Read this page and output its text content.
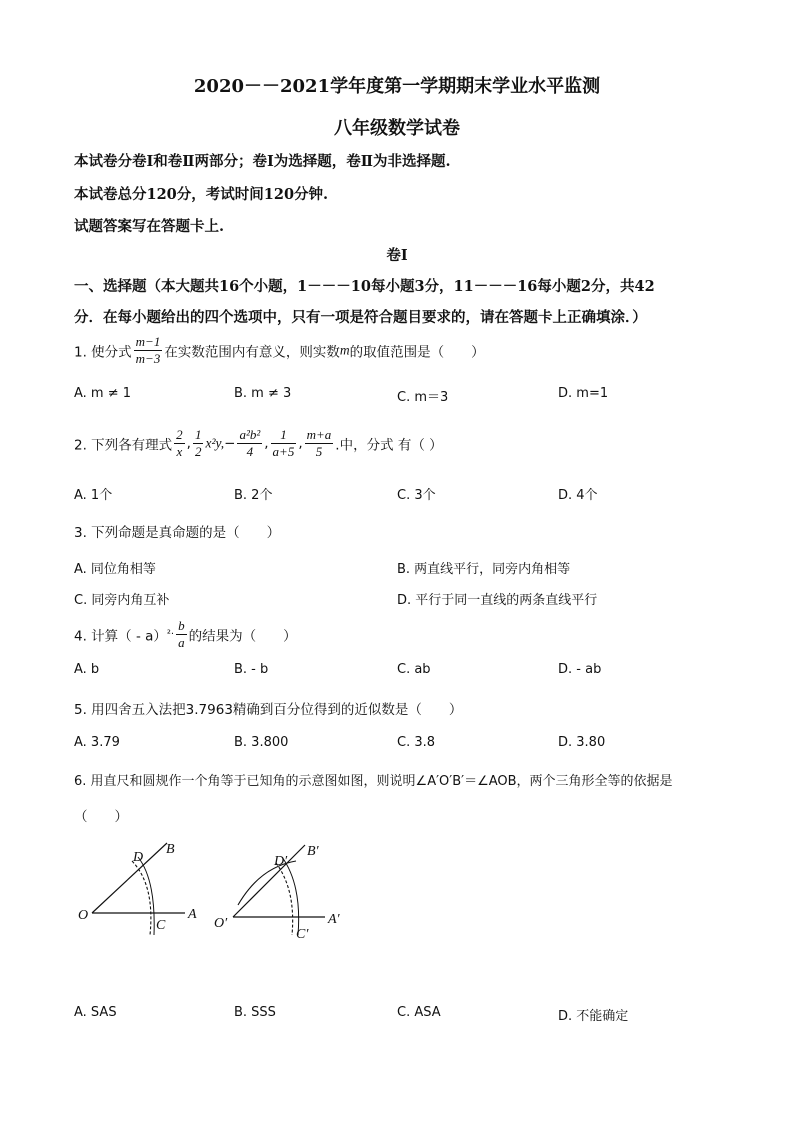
2020－－2021学年度第一学期期末学业水平监测
八年级数学试卷
本试卷分卷Ⅰ和卷Ⅱ两部分；卷Ⅰ为选择题，卷Ⅱ为非选择题.
本试卷总分120分，考试时间120分钟.
试题答案写在答题卡上.
卷Ⅰ
一、选择题（本大题共16个小题，1－－－10每小题3分，11－－－16每小题2分，共42
分．在每小题给出的四个选项中，只有一项是符合题目要求的，请在答题卡上正确填涂．）
1. 使分式 $\frac{m-1}{m-3}$ 在实数范围内有意义，则实数m的取值范围是（　　）
A. m ≠ 1	B. m ≠ 3	C. m＝3	D. m=1
2. 下列各有理式 $\frac{2}{x}$ , $\frac{1}{2} x^2y,- \frac{\text{a²b²}}{4}$ , $\frac{1}{a+5}$ , $\frac{m+a}{5}$ .中，分式 有（ ）
A. 1个	B. 2个	C. 3个	D. 4个
3. 下列命题是真命题的是（　　）
A. 同位角相等	B. 两直线平行，同旁内角相等
C. 同旁内角互补	D. 平行于同一直线的两条直线平行
4. 计算（ - $a)^2\cdot \frac{b}{a}$ 的结果为（　　）
A. b	B. - b	C. ab	D. - ab
5. 用四舍五入法把3.7963精确到百分位得到的近似数是（　　）
A. 3.79	B. 3.800	C. 3.8	D. 3.80
6. 用直尺和圆规作一个角等于已知角的示意图如图，则说明∠A′O′B′＝∠AOB，两个三角形全等的依据是
（　　）
O	A
B
C
D
O′	A′
B′
C′
D′
A. SAS	B. SSS	C. ASA	D. 不能确定
